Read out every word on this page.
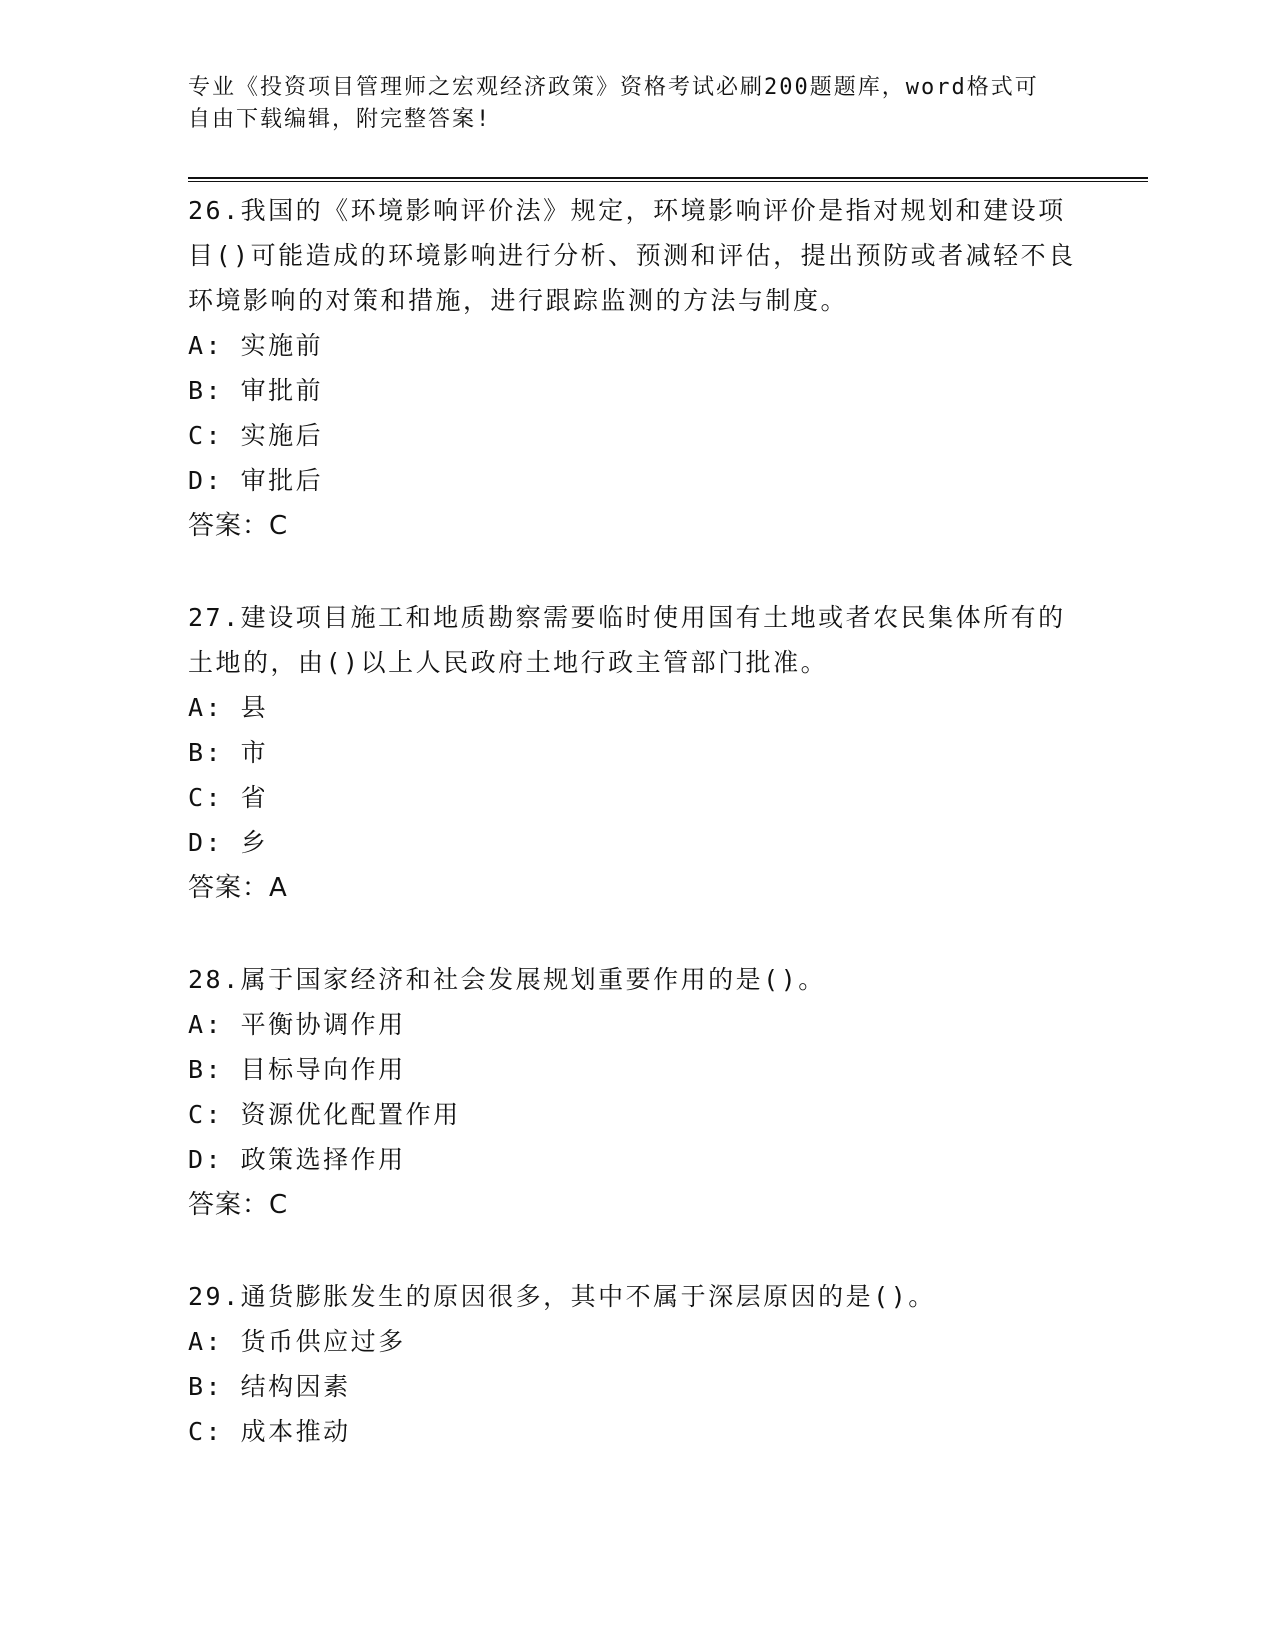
专业《投资项目管理师之宏观经济政策》资格考试必刷200题题库，word格式可
自由下载编辑，附完整答案!

26.我国的《环境影响评价法》规定，环境影响评价是指对规划和建设项目()可能造成的环境影响进行分析、预测和评估，提出预防或者减轻不良环境影响的对策和措施，进行跟踪监测的方法与制度。

A: 实施前

B: 审批前

C: 实施后

D: 审批后

答案：C

27.建设项目施工和地质勘察需要临时使用国有土地或者农民集体所有的土地的，由()以上人民政府土地行政主管部门批准。

A: 县

B: 市

C: 省

D: 乡

答案：A

28.属于国家经济和社会发展规划重要作用的是()。

A: 平衡协调作用

B: 目标导向作用

C: 资源优化配置作用

D: 政策选择作用

答案：C

29.通货膨胀发生的原因很多，其中不属于深层原因的是()。

A: 货币供应过多

B: 结构因素

C: 成本推动
